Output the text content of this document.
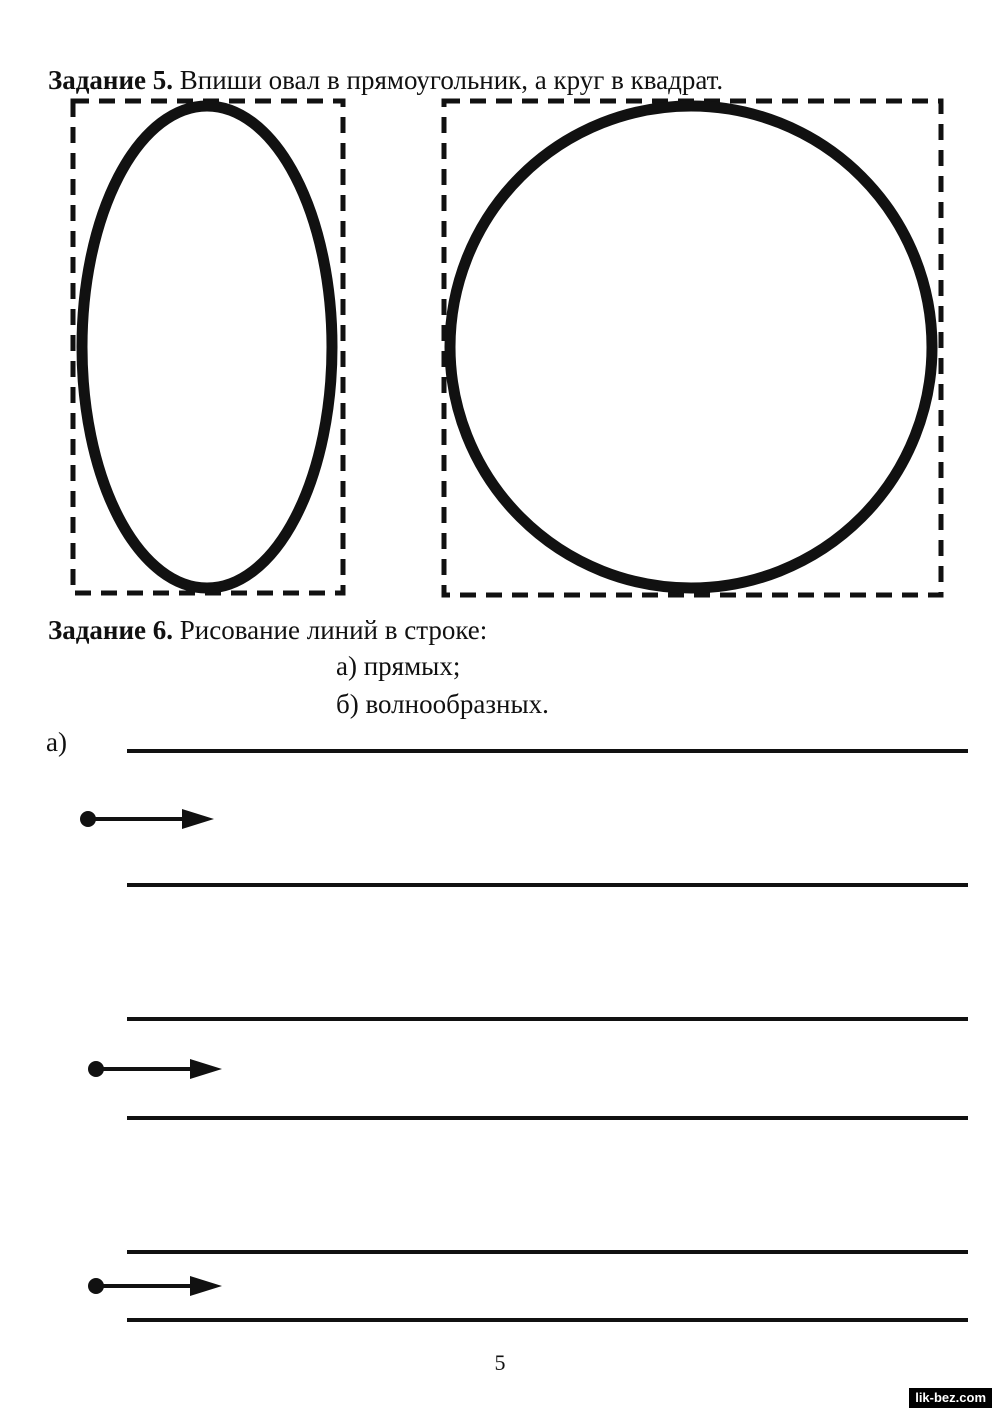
Задание 5. Впиши овал в прямоугольник, а круг в квадрат.
Задание 6. Рисование линий в строке:
а) прямых;
б) волнообразных.
а)
5
lik-bez.com
